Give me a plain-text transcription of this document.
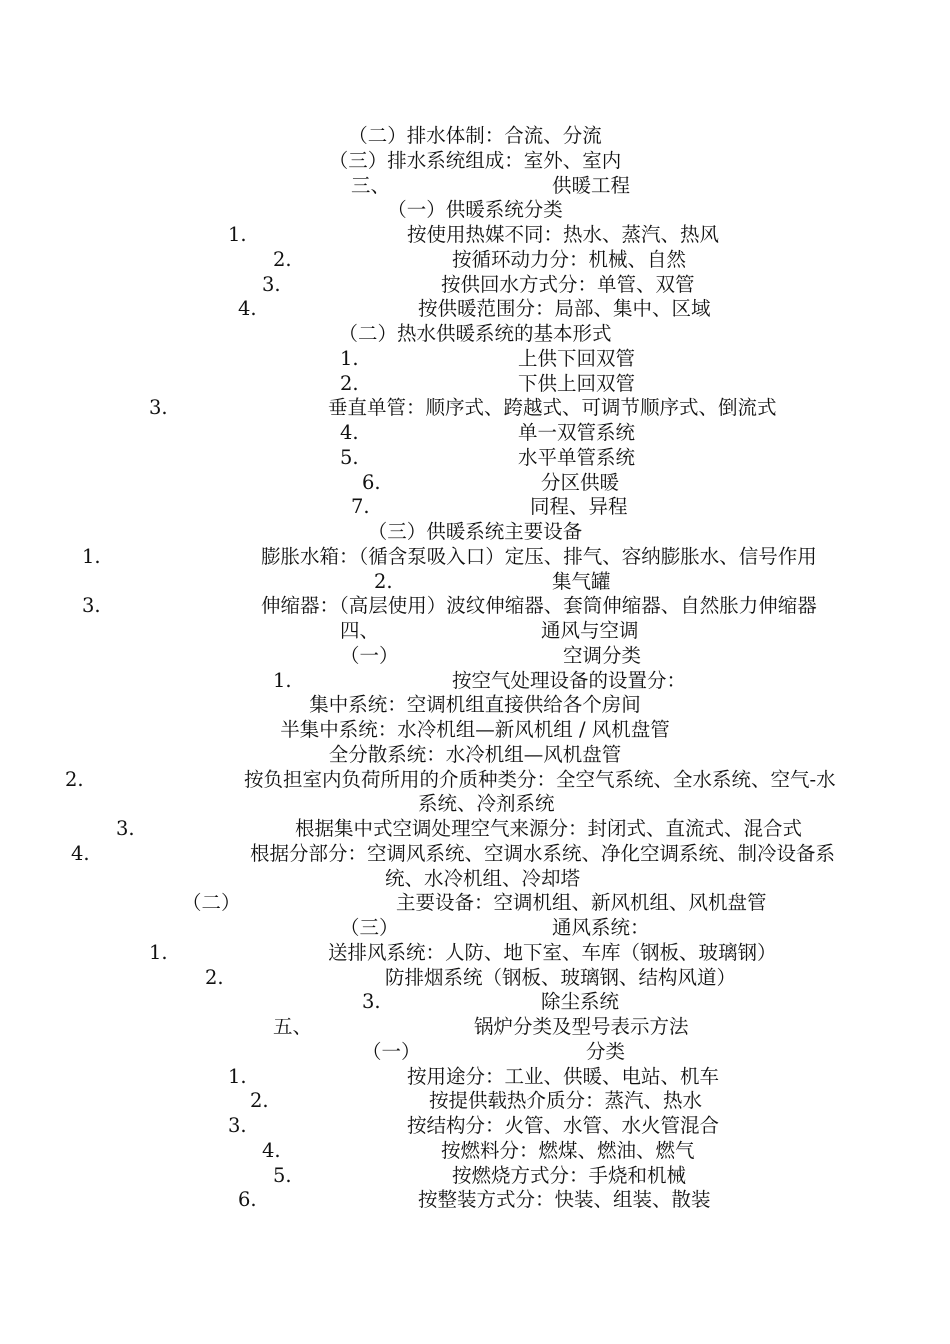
（二）排水体制：合流、分流
（三）排水系统组成：室外、室内
三、	供暖工程
（一）供暖系统分类
1.	按使用热媒不同：热水、蒸汽、热风
2.	按循环动力分：机械、自然
3.	按供回水方式分：单管、双管
4.	按供暖范围分：局部、集中、区域
（二）热水供暖系统的基本形式
1.	上供下回双管
2.	下供上回双管
3.	垂直单管：顺序式、跨越式、可调节顺序式、倒流式
4.	单一双管系统
5.	水平单管系统
6.	分区供暖
7.	同程、异程
（三）供暖系统主要设备
1.	膨胀水箱：（循含泵吸入口）定压、排气、容纳膨胀水、信号作用
2.	集气罐
3.	伸缩器：（高层使用）波纹伸缩器、套筒伸缩器、自然胀力伸缩器
四、	通风与空调
（一）	空调分类
1.	按空气处理设备的设置分：
集中系统：空调机组直接供给各个房间
半集中系统：水冷机组—新风机组 / 风机盘管
全分散系统：水冷机组—风机盘管
2.	按负担室内负荷所用的介质种类分：全空气系统、全水系统、空气-水
系统、冷剂系统
3.	根据集中式空调处理空气来源分：封闭式、直流式、混合式
4.	根据分部分：空调风系统、空调水系统、净化空调系统、制冷设备系
统、水冷机组、冷却塔
（二）	主要设备：空调机组、新风机组、风机盘管
（三）	通风系统：
1.	送排风系统：人防、地下室、车库（钢板、玻璃钢）
2.	防排烟系统（钢板、玻璃钢、结构风道）
3.	除尘系统
五、	锅炉分类及型号表示方法
（一）	分类
1.	按用途分：工业、供暖、电站、机车
2.	按提供载热介质分：蒸汽、热水
3.	按结构分：火管、水管、水火管混合
4.	按燃料分：燃煤、燃油、燃气
5.	按燃烧方式分：手烧和机械
6.	按整装方式分：快装、组装、散装
